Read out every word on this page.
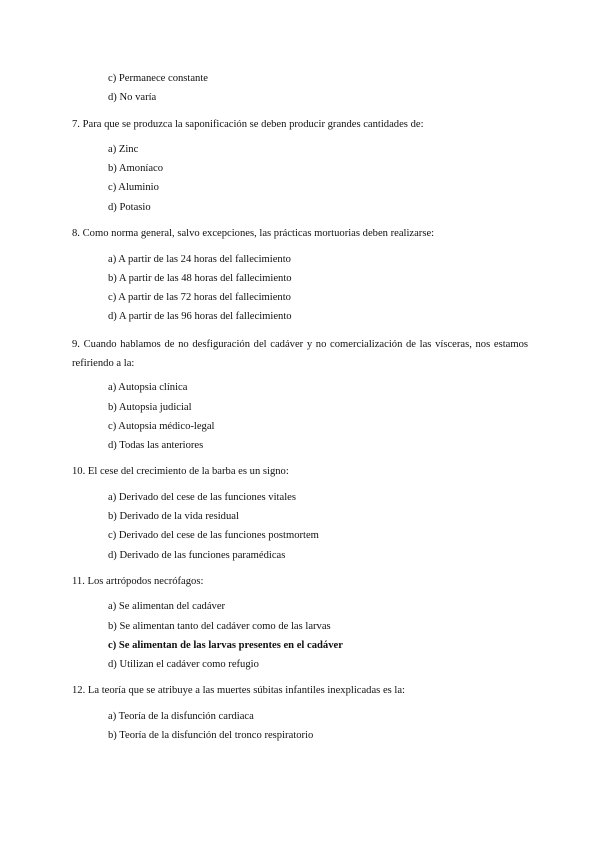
c) Permanece constante
d) No varía
7. Para que se produzca la saponificación se deben producir grandes cantidades de:
a) Zinc
b) Amoníaco
c) Aluminio
d) Potasio
8. Como norma general, salvo excepciones, las prácticas mortuorias deben realizarse:
a) A partir de las 24 horas del fallecimiento
b) A partir de las 48 horas del fallecimiento
c) A partir de las 72 horas del fallecimiento
d) A partir de las 96 horas del fallecimiento
9. Cuando hablamos de no desfiguración del cadáver y no comercialización de las vísceras, nos estamos refiriendo a la:
a) Autopsia clínica
b) Autopsia judicial
c) Autopsia médico-legal
d) Todas las anteriores
10. El cese del crecimiento de la barba es un signo:
a) Derivado del cese de las funciones vitales
b) Derivado de la vida residual
c) Derivado del cese de las funciones postmortem
d) Derivado de las funciones paramédicas
11. Los artrópodos necrófagos:
a) Se alimentan del cadáver
b) Se alimentan tanto del cadáver como de las larvas
c) Se alimentan de las larvas presentes en el cadáver
d) Utilizan el cadáver como refugio
12. La teoría que se atribuye a las muertes súbitas infantiles inexplicadas es la:
a) Teoría de la disfunción cardiaca
b) Teoría de la disfunción del tronco respiratorio
